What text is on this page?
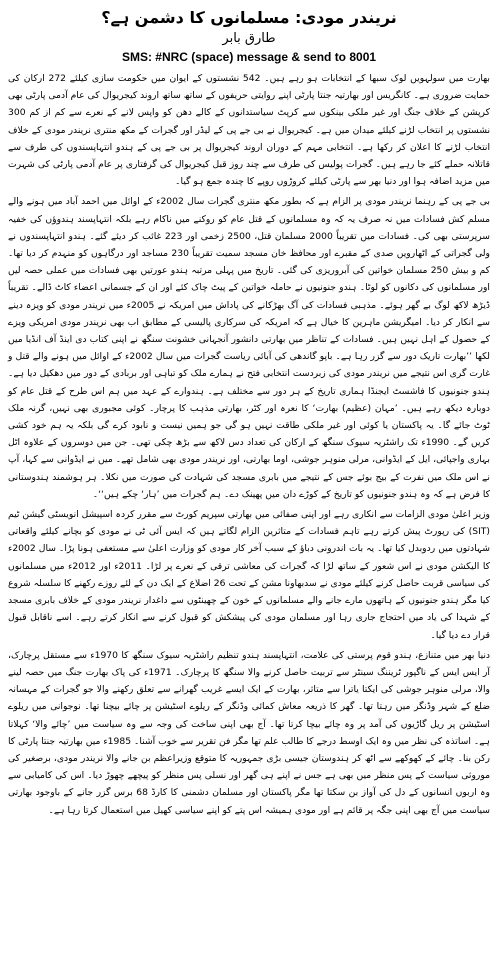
نریندر مودی: مسلمانوں کا دشمن ہے؟
طارق بابر
SMS: #NRC (space) message & send to 8001

بھارت میں سولہویں لوک سبھا کے انتخابات ہو رہے ہیں۔ 542 نشستوں کے ایوان میں حکومت سازی کیلئے 272 ارکان کی حمایت ضروری ہے۔ کانگریس اور بھارتیہ جنتا پارٹی اپنے روایتی حریفوں کے ساتھ ساتھ اروند کیجریوال کی عام آدمی پارٹی بھی کرپشن کے خلاف جنگ اور غیر ملکی بینکوں سے کرپٹ سیاستدانوں کے کالے دھن کو واپس لانے کے نعرے سے کم از کم 300 نشستوں پر انتخاب لڑنے کیلئے میدان میں ہے۔ کیجریوال نے بی جے پی کے لیڈر اور گجرات کے مکھ منتری نریندر مودی کے خلاف انتخاب لڑنے کا اعلان کر رکھا ہے۔ انتخابی مہم کے دوران اروند کیجریوال پر بی جے پی کے ہندو انتہاپسندوں کی طرف سے قاتلانہ حملے کئے جا رہے ہیں۔ گجرات پولیس کی طرف سے چند روز قبل کیجریوال کی گرفتاری پر عام آدمی پارٹی کی شہرت میں مزید اضافہ ہوا اور دنیا بھر سے پارٹی کیلئے کروڑوں روپے کا چندہ جمع ہو گیا۔

بی جے پی کے رہنما نریندر مودی پر الزام ہے کہ بطور مکھ منتری گجرات سال 2002ء کے اوائل میں احمد آباد میں ہونے والے مسلم کش فسادات میں نہ صرف یہ کہ وہ مسلمانوں کے قتل عام کو روکنے میں ناکام رہے بلکہ انتہاپسند ہندوؤں کی خفیہ سرپرستی بھی کی۔ فسادات میں تقریباً 2000 مسلمان قتل، 2500 زخمی اور 223 غائب کر دیئے گئے۔ ہندو انتہاپسندوں نے ولی گجراتی کے اٹھارویں صدی کے مقبرے اور محافظ خان مسجد سمیت تقریباً 230 مساجد اور درگاہوں کو منہدم کر دیا تھا۔ کم و بیش 250 مسلمان خواتین کی آبروریزی کی گئی۔ تاریخ میں پہلی مرتبہ ہندو عورتیں بھی فسادات میں عملی حصہ لیں اور مسلمانوں کی دکانوں کو لوٹا۔ ہندو جنونیوں نے حاملہ خواتین کے پیٹ چاک کئے اور ان کے جسمانی اعضاء کاٹ ڈالے۔ تقریباً ڈیڑھ لاکھ لوگ بے گھر ہوئے۔ مذہبی فسادات کی آگ بھڑکانے کی پاداش میں امریکہ نے 2005ء میں نریندر مودی کو ویزہ دینے سے انکار کر دیا۔ امیگریشن ماہرین کا خیال ہے کہ امریکہ کی سرکاری پالیسی کے مطابق اب بھی نریندر مودی امریکی ویزے کے حصول کے اہل نہیں ہیں۔ فسادات کے تناظر میں بھارتی دانشور آنجہانی خشونت سنگھ نے اپنی کتاب دی اینڈ آف انڈیا میں لکھا ’’بھارت تاریک دور سے گزر رہا ہے۔ باپو گاندھی کی آبائی ریاست گجرات میں سال 2002ء کے اوائل میں ہونے والے قتل و غارت گری اس نتیجے میں نریندر مودی کی زبردست انتخابی فتح نے ہمارے ملک کو تباہی اور بربادی کے دور میں دھکیل دیا ہے۔ ہندو جنونیوں کا فاشسٹ ایجنڈا ہماری تاریخ کے ہر دور سے مختلف ہے۔ ہندوارے کے عہد میں ہم اس طرح کے قتل عام کو دوبارہ دیکھ رہے ہیں۔ ’مہان (عظیم) بھارت‘ کا نعرہ اور کٹر، بھارتی مذہب کا پرچار۔ کوئی مجبوری بھی نہیں، گرنہ ملک ٹوٹ جائے گا۔ یہ پاکستان یا کوئی اور غیر ملکی طاقت نہیں ہو گی جو ہمیں نیست و نابود کرے گی بلکہ یہ ہم خود کشی کریں گے۔ 1990ء تک راشٹریہ سیوک سنگھ کے ارکان کی تعداد دس لاکھ سے بڑھ چکی تھی۔ جن میں دوسروں کے علاوہ اٹل بہاری واجپائی، ایل کے ایڈوانی، مرلی منوہر جوشی، اوما بھارتی، اور نریندر مودی بھی شامل تھے۔ میں نے ایڈوانی سے کہا، آپ نے اس ملک میں نفرت کے بیج بوئے جس کے نتیجے میں بابری مسجد کی شہادت کی صورت میں نکلا۔ ہر ہوشمند ہندوستانی کا فرض ہے کہ وہ ہندو جنونیوں کو تاریخ کے کوڑے دان میں پھینک دے۔ ہم گجرات میں ’ہار‘ چکے ہیں‘‘۔

وزیر اعلیٰ مودی الزامات سے انکاری رہے اور اپنی صفائی میں بھارتی سپریم کورٹ سے مقرر کردہ اسپیشل انویسٹی گیشن ٹیم (SIT) کی رپورٹ پیش کرتے رہے تاہم فسادات کے متاثرین الزام لگاتے ہیں کہ ایس آئی ٹی نے مودی کو بچانے کیلئے واقعاتی شہادتوں میں ردوبدل کیا تھا۔ یہ بات اندرونی دباؤ کے سبب آخر کار مودی کو وزارت اعلیٰ سے مستعفی ہونا پڑا۔ سال 2002ء کا الیکشن مودی نے اس شعور کے ساتھ لڑا کہ گجرات کی معاشی ترقی کے نعرے پر لڑا۔ 2011ء اور 2012ء میں مسلمانوں کی سیاسی قربت حاصل کرنے کیلئے مودی نے سدبھاونا مشن کے تحت 26 اضلاع کے ایک دن کے لئے روزے رکھنے کا سلسلہ شروع کیا مگر ہندو جنونیوں کے ہاتھوں مارے جانے والے مسلمانوں کے خون کے چھینٹوں سے داغدار نریندر مودی کے خلاف بابری مسجد کے شہدا کی یاد میں احتجاج جاری رہا اور مسلمان مودی کی پیشکش کو قبول کرنے سے انکار کرتے رہے۔ اسے ناقابل قبول قرار دے دیا گیا۔

دنیا بھر میں متنازع، ہندو قوم پرستی کی علامت، انتہاپسند ہندو تنظیم راشٹریہ سیوک سنگھ کا 1970ء سے مستقل پرچارک، آر ایس ایس کے ناگپور ٹریننگ سینٹر سے تربیت حاصل کرنے والا سنگھ کا پرچارک۔ 1971ء کی پاک بھارت جنگ میں حصہ لینے والا، مرلی منوہر جوشی کی ایکتا یاترا سے متاثر، بھارت کے ایک ایسے غریب گھرانے سے تعلق رکھنے والا جو گجرات کے مہسانہ ضلع کے شہر وڈنگر میں رہتا تھا۔ گھر کا ذریعہ معاش کمائی وڈنگر کے ریلوے اسٹیشن پر چائے بیچنا تھا۔ نوجوانی میں ریلوے اسٹیشن پر ریل گاڑیوں کی آمد پر وہ چائے بیچا کرتا تھا۔ آج بھی اپنی ساخت کی وجہ سے وہ سیاست میں ’چائے والا‘ کہلاتا ہے۔ اساتذہ کی نظر میں وہ ایک اوسط درجے کا طالب علم تھا مگر فن تقریر سے خوب آشنا۔ 1985ء میں بھارتیہ جنتا پارٹی کا رکن بنا۔ چائے کے کھوکھے سے اٹھ کر ہندوستان جیسی بڑی جمہوریہ کا متوقع وزیراعظم بن جانے والا نریندر مودی، برصغیر کی موروثی سیاست کے پس منظر میں بھی ہے جس نے اپنے ہی گھر اور نسلی پس منظر کو پیچھے چھوڑ دیا۔ اس کی کامیابی سے وہ اربوں انسانوں کے دل کی آواز بن سکتا تھا مگر پاکستان اور مسلمان دشمنی کا کارڈ 68 برس گزر جانے کے باوجود بھارتی سیاست میں آج بھی اپنی جگہ پر قائم ہے اور مودی ہمیشہ اس پتے کو اپنے سیاسی کھیل میں استعمال کرتا رہا ہے۔
